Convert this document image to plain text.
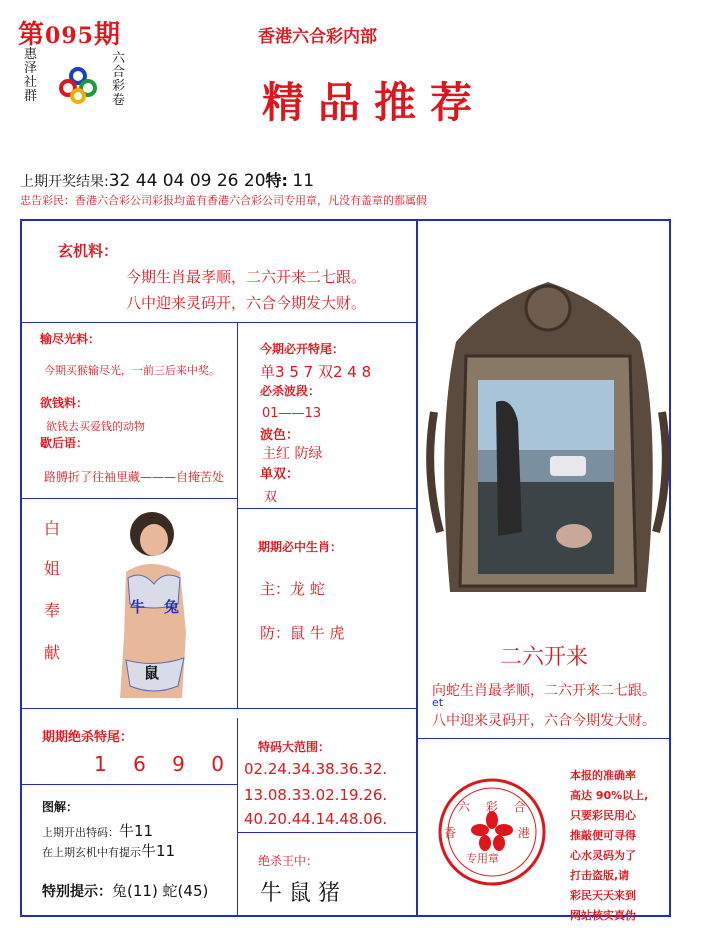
第095期
惠泽社群
六合彩卷
香港六合彩内部
精品推荐
上期开奖结果:32 44 04 09 26 20特: 11
忠告彩民：香港六合彩公司彩报均盖有香港六合彩公司专用章，凡没有盖章的都属假
玄机料：
今期生肖最孝顺，二六开来二七跟。
八中迎来灵码开，六合今期发大财。
输尽光料：
今期买猴输尽光，一前三后来中奖。
欲钱料：
欲钱去买爱钱的动物
歇后语：
路膊折了往袖里藏———自掩苦处
今期必开特尾：
单3 5 7 双2 4 8
必杀波段：
01——13
波色：
主红 防绿
单双：
双
白
姐
奉
献
牛 兔
鼠
期期必中生肖：
主：龙 蛇
防：鼠 牛 虎
二六开来
向蛇生肖最孝顺，二六开来二七跟。
et
八中迎来灵码开，六合今期发大财。
期期绝杀特尾：
1 6 9 0
特码大范围：
02.24.34.38.36.32.
13.08.33.02.19.26.
40.20.44.14.48.06.
图解：
上期开出特码：牛11
在上期玄机中有提示牛11
特别提示：兔(11) 蛇(45)
绝杀王中：
牛 鼠 猪
六 彩 合
香	港
专用章
本报的准确率
高达 90%以上,
只要彩民用心
推敲便可寻得
心水灵码为了
打击盗版,请
彩民天天来到
网站核实真伪
